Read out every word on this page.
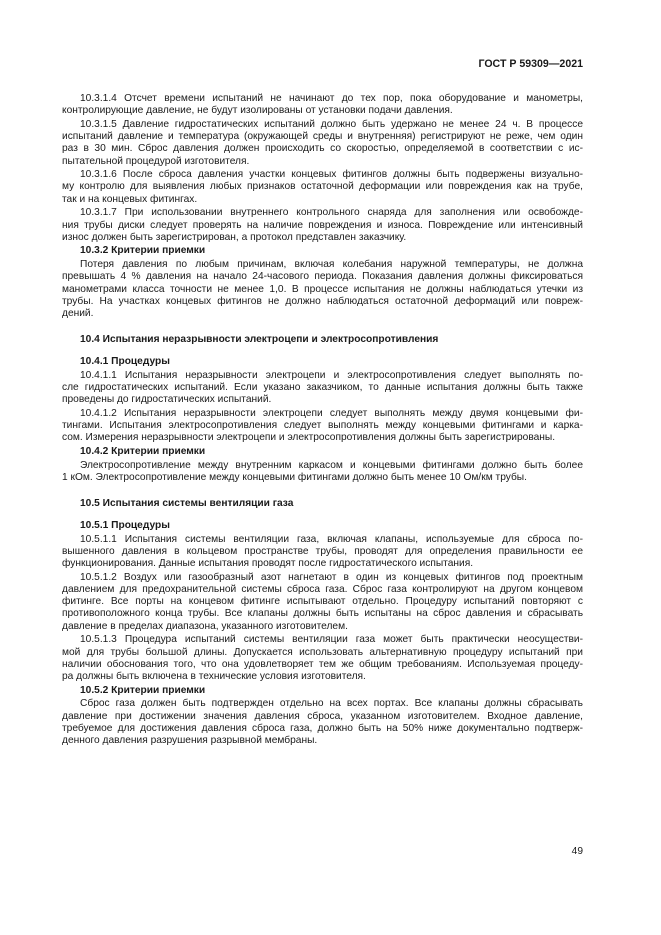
ГОСТ Р 59309—2021
10.3.1.4 Отсчет времени испытаний не начинают до тех пор, пока оборудование и манометры,
контролирующие давление, не будут изолированы от установки подачи давления.
10.3.1.5 Давление гидростатических испытаний должно быть удержано не менее 24 ч. В процессе
испытаний давление и температура (окружающей среды и внутренняя) регистрируют не реже, чем один
раз в 30 мин. Сброс давления должен происходить со скоростью, определяемой в соответствии с ис-
пытательной процедурой изготовителя.
10.3.1.6 После сброса давления участки концевых фитингов должны быть подвержены визуально-
му контролю для выявления любых признаков остаточной деформации или повреждения как на трубе,
так и на концевых фитингах.
10.3.1.7 При использовании внутреннего контрольного снаряда для заполнения или освобожде-
ния трубы диски следует проверять на наличие повреждения и износа. Повреждение или интенсивный
износ должен быть зарегистрирован, а протокол представлен заказчику.
10.3.2 Критерии приемки
Потеря давления по любым причинам, включая колебания наружной температуры, не должна
превышать 4 % давления на начало 24-часового периода. Показания давления должны фиксироваться
манометрами класса точности не менее 1,0. В процессе испытания не должны наблюдаться утечки из
трубы. На участках концевых фитингов не должно наблюдаться остаточной деформаций или повреж-
дений.
10.4 Испытания неразрывности электроцепи и электросопротивления
10.4.1 Процедуры
10.4.1.1 Испытания неразрывности электроцепи и электросопротивления следует выполнять по-
сле гидростатических испытаний. Если указано заказчиком, то данные испытания должны быть также
проведены до гидростатических испытаний.
10.4.1.2 Испытания неразрывности электроцепи следует выполнять между двумя концевыми фи-
тингами. Испытания электросопротивления следует выполнять между концевыми фитингами и карка-
сом. Измерения неразрывности электроцепи и электросопротивления должны быть зарегистрированы.
10.4.2 Критерии приемки
Электросопротивление между внутренним каркасом и концевыми фитингами должно быть более
1 кОм. Электросопротивление между концевыми фитингами должно быть менее 10 Ом/км трубы.
10.5 Испытания системы вентиляции газа
10.5.1 Процедуры
10.5.1.1 Испытания системы вентиляции газа, включая клапаны, используемые для сброса по-
вышенного давления в кольцевом пространстве трубы, проводят для определения правильности ее
функционирования. Данные испытания проводят после гидростатического испытания.
10.5.1.2 Воздух или газообразный азот нагнетают в один из концевых фитингов под проектным
давлением для предохранительной системы сброса газа. Сброс газа контролируют на другом концевом
фитинге. Все порты на концевом фитинге испытывают отдельно. Процедуру испытаний повторяют с
противоположного конца трубы. Все клапаны должны быть испытаны на сброс давления и сбрасывать
давление в пределах диапазона, указанного изготовителем.
10.5.1.3 Процедура испытаний системы вентиляции газа может быть практически неосуществи-
мой для трубы большой длины. Допускается использовать альтернативную процедуру испытаний при
наличии обоснования того, что она удовлетворяет тем же общим требованиям. Используемая процеду-
ра должны быть включена в технические условия изготовителя.
10.5.2 Критерии приемки
Сброс газа должен быть подтвержден отдельно на всех портах. Все клапаны должны сбрасывать
давление при достижении значения давления сброса, указанном изготовителем. Входное давление,
требуемое для достижения давления сброса газа, должно быть на 50% ниже документально подтверж-
денного давления разрушения разрывной мембраны.
49
